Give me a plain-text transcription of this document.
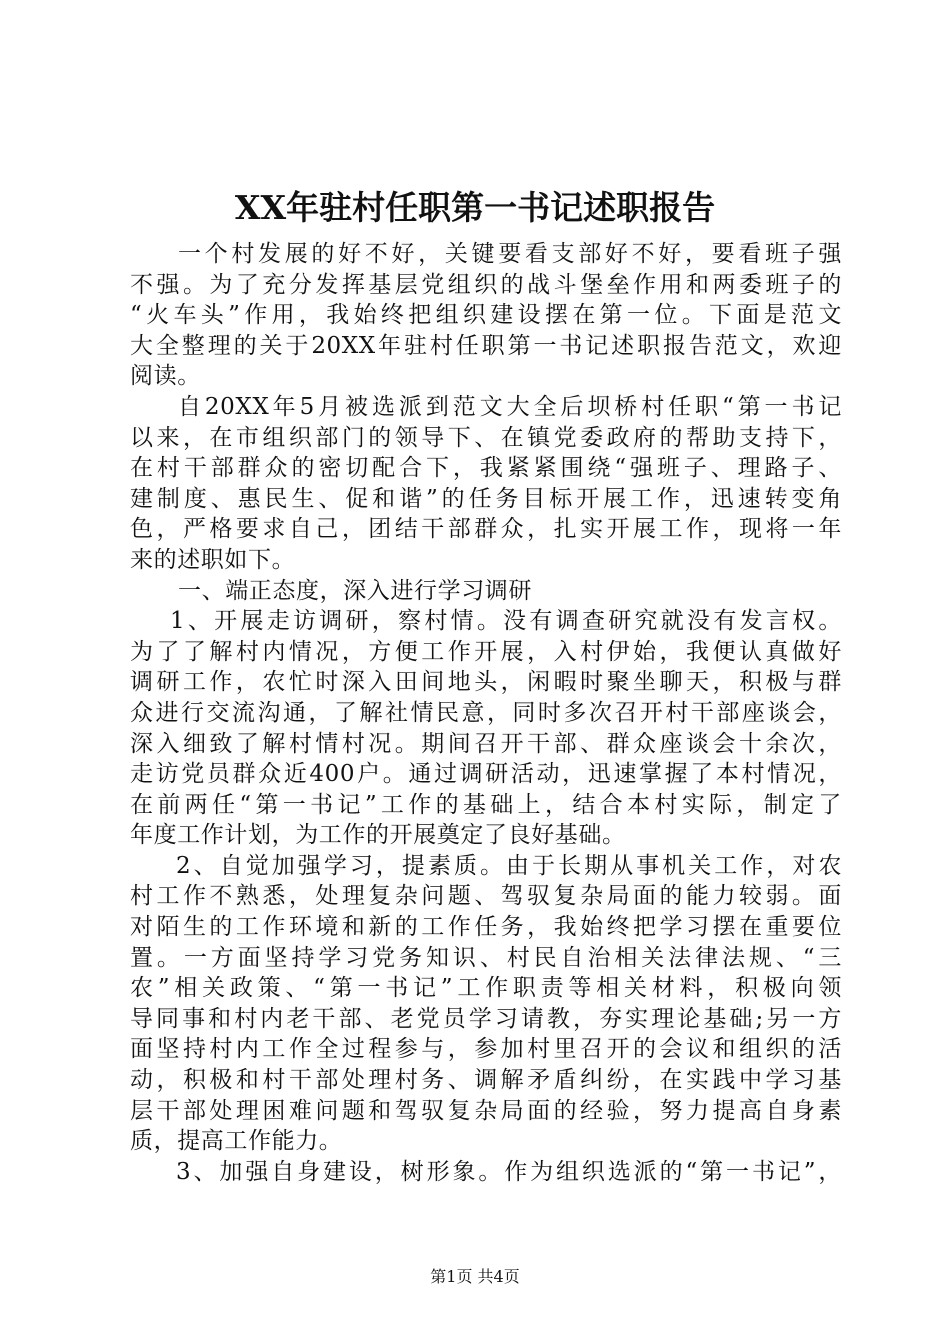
XX年驻村任职第一书记述职报告
一个村发展的好不好，关键要看支部好不好，要看班子强
不强。为了充分发挥基层党组织的战斗堡垒作用和两委班子的
“火车头”作用，我始终把组织建设摆在第一位。下面是范文
大全整理的关于20XX年驻村任职第一书记述职报告范文，欢迎
阅读。
自20XX年5月被选派到范文大全后坝桥村任职“第一书记
以来，在市组织部门的领导下、在镇党委政府的帮助支持下，
在村干部群众的密切配合下，我紧紧围绕“强班子、理路子、
建制度、惠民生、促和谐”的任务目标开展工作，迅速转变角
色，严格要求自己，团结干部群众，扎实开展工作，现将一年
来的述职如下。
一、端正态度，深入进行学习调研
1、开展走访调研，察村情。没有调查研究就没有发言权。
为了了解村内情况，方便工作开展，入村伊始，我便认真做好
调研工作，农忙时深入田间地头，闲暇时聚坐聊天，积极与群
众进行交流沟通，了解社情民意，同时多次召开村干部座谈会，
深入细致了解村情村况。期间召开干部、群众座谈会十余次，
走访党员群众近400户。通过调研活动，迅速掌握了本村情况，
在前两任“第一书记”工作的基础上，结合本村实际，制定了
年度工作计划，为工作的开展奠定了良好基础。
2、自觉加强学习，提素质。由于长期从事机关工作，对农
村工作不熟悉，处理复杂问题、驾驭复杂局面的能力较弱。面
对陌生的工作环境和新的工作任务，我始终把学习摆在重要位
置。一方面坚持学习党务知识、村民自治相关法律法规、“三
农”相关政策、“第一书记”工作职责等相关材料，积极向领
导同事和村内老干部、老党员学习请教，夯实理论基础;另一方
面坚持村内工作全过程参与，参加村里召开的会议和组织的活
动，积极和村干部处理村务、调解矛盾纠纷，在实践中学习基
层干部处理困难问题和驾驭复杂局面的经验，努力提高自身素
质，提高工作能力。
3、加强自身建设，树形象。作为组织选派的“第一书记”，
第1页 共4页
